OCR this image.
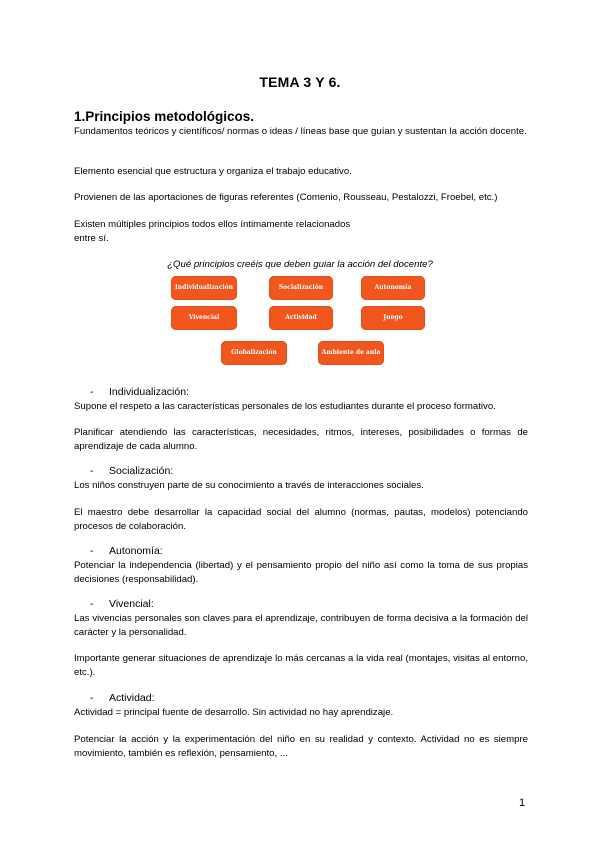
TEMA 3 Y 6.
1.Principios metodológicos.
Fundamentos teóricos y científicos/ normas o ideas / líneas base que guían y sustentan la acción docente.
Elemento esencial que estructura y organiza el trabajo educativo.
Provienen de las aportaciones de figuras referentes (Comenio, Rousseau, Pestalozzi, Froebel, etc.)
Existen múltiples principios todos ellos íntimamente relacionados entre sí.
¿Qué principios creéis que deben guiar la acción del docente?
Individualización	Socialización	Autonomía
Vivencial	Actividad	Juego
Globalización	Ambiente de aula
- Individualización:
Supone el respeto a las características personales de los estudiantes durante el proceso formativo.
Planificar atendiendo las características, necesidades, ritmos, intereses, posibilidades o formas de aprendizaje de cada alumno.
- Socialización:
Los niños construyen parte de su conocimiento a través de interacciones sociales.
El maestro debe desarrollar la capacidad social del alumno (normas, pautas, modelos) potenciando procesos de colaboración.
- Autonomía:
Potenciar la independencia (libertad) y el pensamiento propio del niño así como la toma de sus propias decisiones (responsabilidad).
- Vivencial:
Las vivencias personales son claves para el aprendizaje, contribuyen de forma decisiva a la formación del carácter y la personalidad.
Importante generar situaciones de aprendizaje lo más cercanas a la vida real (montajes, visitas al entorno, etc.).
- Actividad:
Actividad = principal fuente de desarrollo. Sin actividad no hay aprendizaje.
Potenciar la acción y la experimentación del niño en su realidad y contexto. Actividad no es siempre movimiento, también es reflexión, pensamiento, ...
1
